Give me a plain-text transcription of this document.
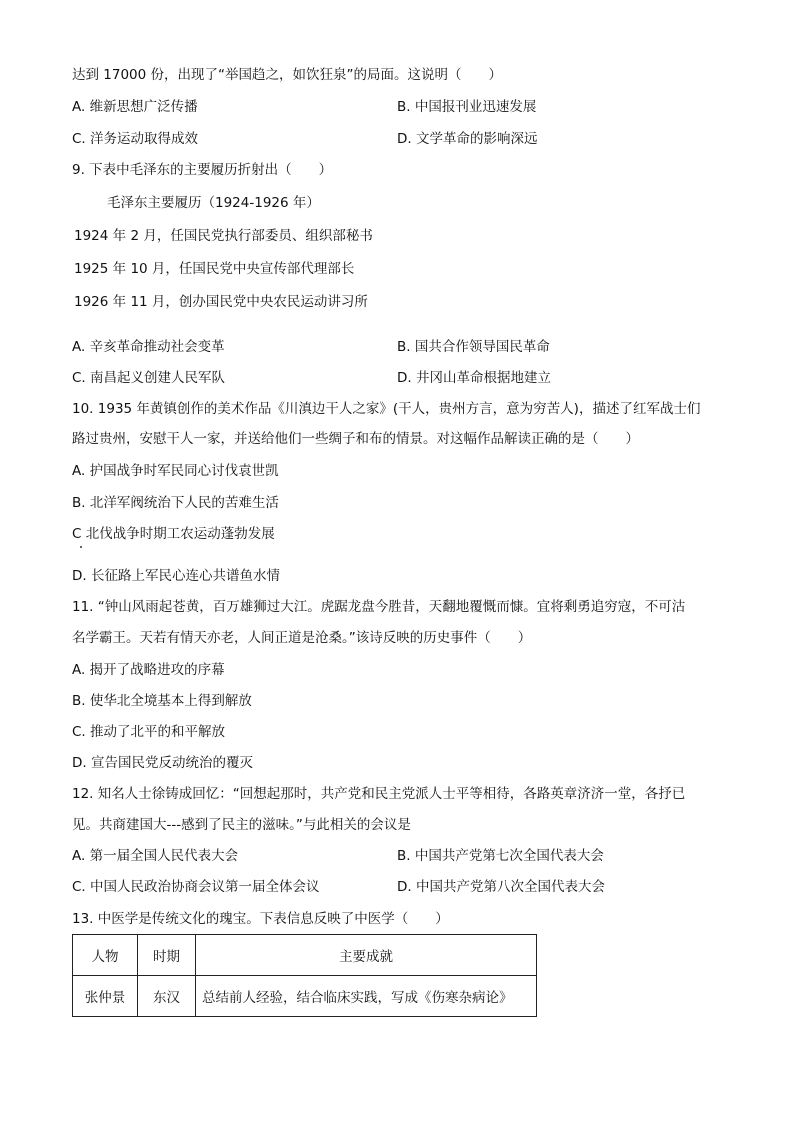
达到 17000 份，出现了“举国趋之，如饮狂泉”的局面。这说明（　　）
A. 维新思想广泛传播	B. 中国报刊业迅速发展
C. 洋务运动取得成效	D. 文学革命的影响深远
9. 下表中毛泽东的主要履历折射出（　　）
毛泽东主要履历（1924-1926 年）
1924 年 2 月，任国民党执行部委员、组织部秘书
1925 年 10 月，任国民党中央宣传部代理部长
1926 年 11 月，创办国民党中央农民运动讲习所
A. 辛亥革命推动社会变革	B. 国共合作领导国民革命
C. 南昌起义创建人民军队	D. 井冈山革命根据地建立
10. 1935 年黄镇创作的美术作品《川滇边干人之家》(干人，贵州方言，意为穷苦人)，描述了红军战士们
路过贵州，安慰干人一家，并送给他们一些绸子和布的情景。对这幅作品解读正确的是（　　）
A. 护国战争时军民同心讨伐袁世凯
B. 北洋军阀统治下人民的苦难生活
C 北伐战争时期工农运动蓬勃发展
D. 长征路上军民心连心共谱鱼水情
11. “钟山风雨起苍黄，百万雄狮过大江。虎踞龙盘今胜昔，天翻地覆慨而慷。宜将剩勇追穷寇，不可沽
名学霸王。天若有情天亦老，人间正道是沧桑。”该诗反映的历史事件（　　）
A. 揭开了战略进攻的序幕
B. 使华北全境基本上得到解放
C. 推动了北平的和平解放
D. 宣告国民党反动统治的覆灭
12. 知名人士徐铸成回忆：“回想起那时，共产党和民主党派人士平等相待，各路英章济济一堂，各抒已
见。共商建国大---感到了民主的滋味。”与此相关的会议是
A. 第一届全国人民代表大会	B. 中国共产党第七次全国代表大会
C. 中国人民政治协商会议第一届全体会议	D. 中国共产党第八次全国代表大会
13. 中医学是传统文化的瑰宝。下表信息反映了中医学（　　）
人物	时期	主要成就
张仲景	东汉	总结前人经验，结合临床实践，写成《伤寒杂病论》
